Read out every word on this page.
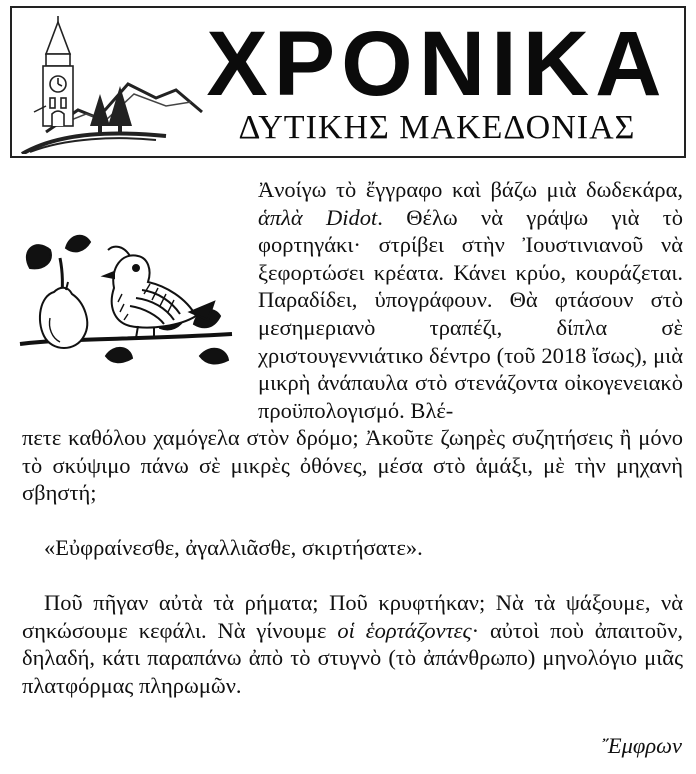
ΧΡΟΝΙΚΑ
ΔΥΤΙΚΗΣ ΜΑΚΕΔΟΝΙΑΣ

Ἀνοίγω τὸ ἔγγραφο καὶ βάζω μιὰ δωδεκάρα, ἁπλὰ Didot. Θέλω νὰ γράψω γιὰ τὸ φορτηγάκι· στρίβει στὴν Ἰουστινιανοῦ νὰ ξεφορτώσει κρέατα. Κάνει κρύο, κουράζεται. Παραδίδει, ὑπογράφουν. Θὰ φτάσουν στὸ μεσημεριανὸ τραπέζι, δίπλα σὲ χριστουγεννιάτικο δέντρο (τοῦ 2018 ἴσως), μιὰ μικρὴ ἀνάπαυλα στὸ στενάζοντα οἰκογενειακὸ προϋπολογισμό. Βλέ-

πετε καθόλου χαμόγελα στὸν δρόμο; Ἀκοῦτε ζωηρὲς συζητήσεις ἢ μόνο τὸ σκύψιμο πάνω σὲ μικρὲς ὀθόνες, μέσα στὸ ἁμάξι, μὲ τὴν μηχανὴ σβηστή;

«Εὐφραίνεσθε, ἀγαλλιᾶσθε, σκιρτήσατε».

Ποῦ πῆγαν αὐτὰ τὰ ρήματα; Ποῦ κρυφτήκαν; Νὰ τὰ ψάξουμε, νὰ σηκώσουμε κεφάλι. Νὰ γίνουμε οἱ ἑορτάζοντες· αὐτοὶ ποὺ ἀπαιτοῦν, δηλαδή, κάτι παραπάνω ἀπὸ τὸ στυγνὸ (τὸ ἀπάνθρωπο) μηνολόγιο μιᾶς πλατφόρμας πληρωμῶν.

Ἔμφρων
